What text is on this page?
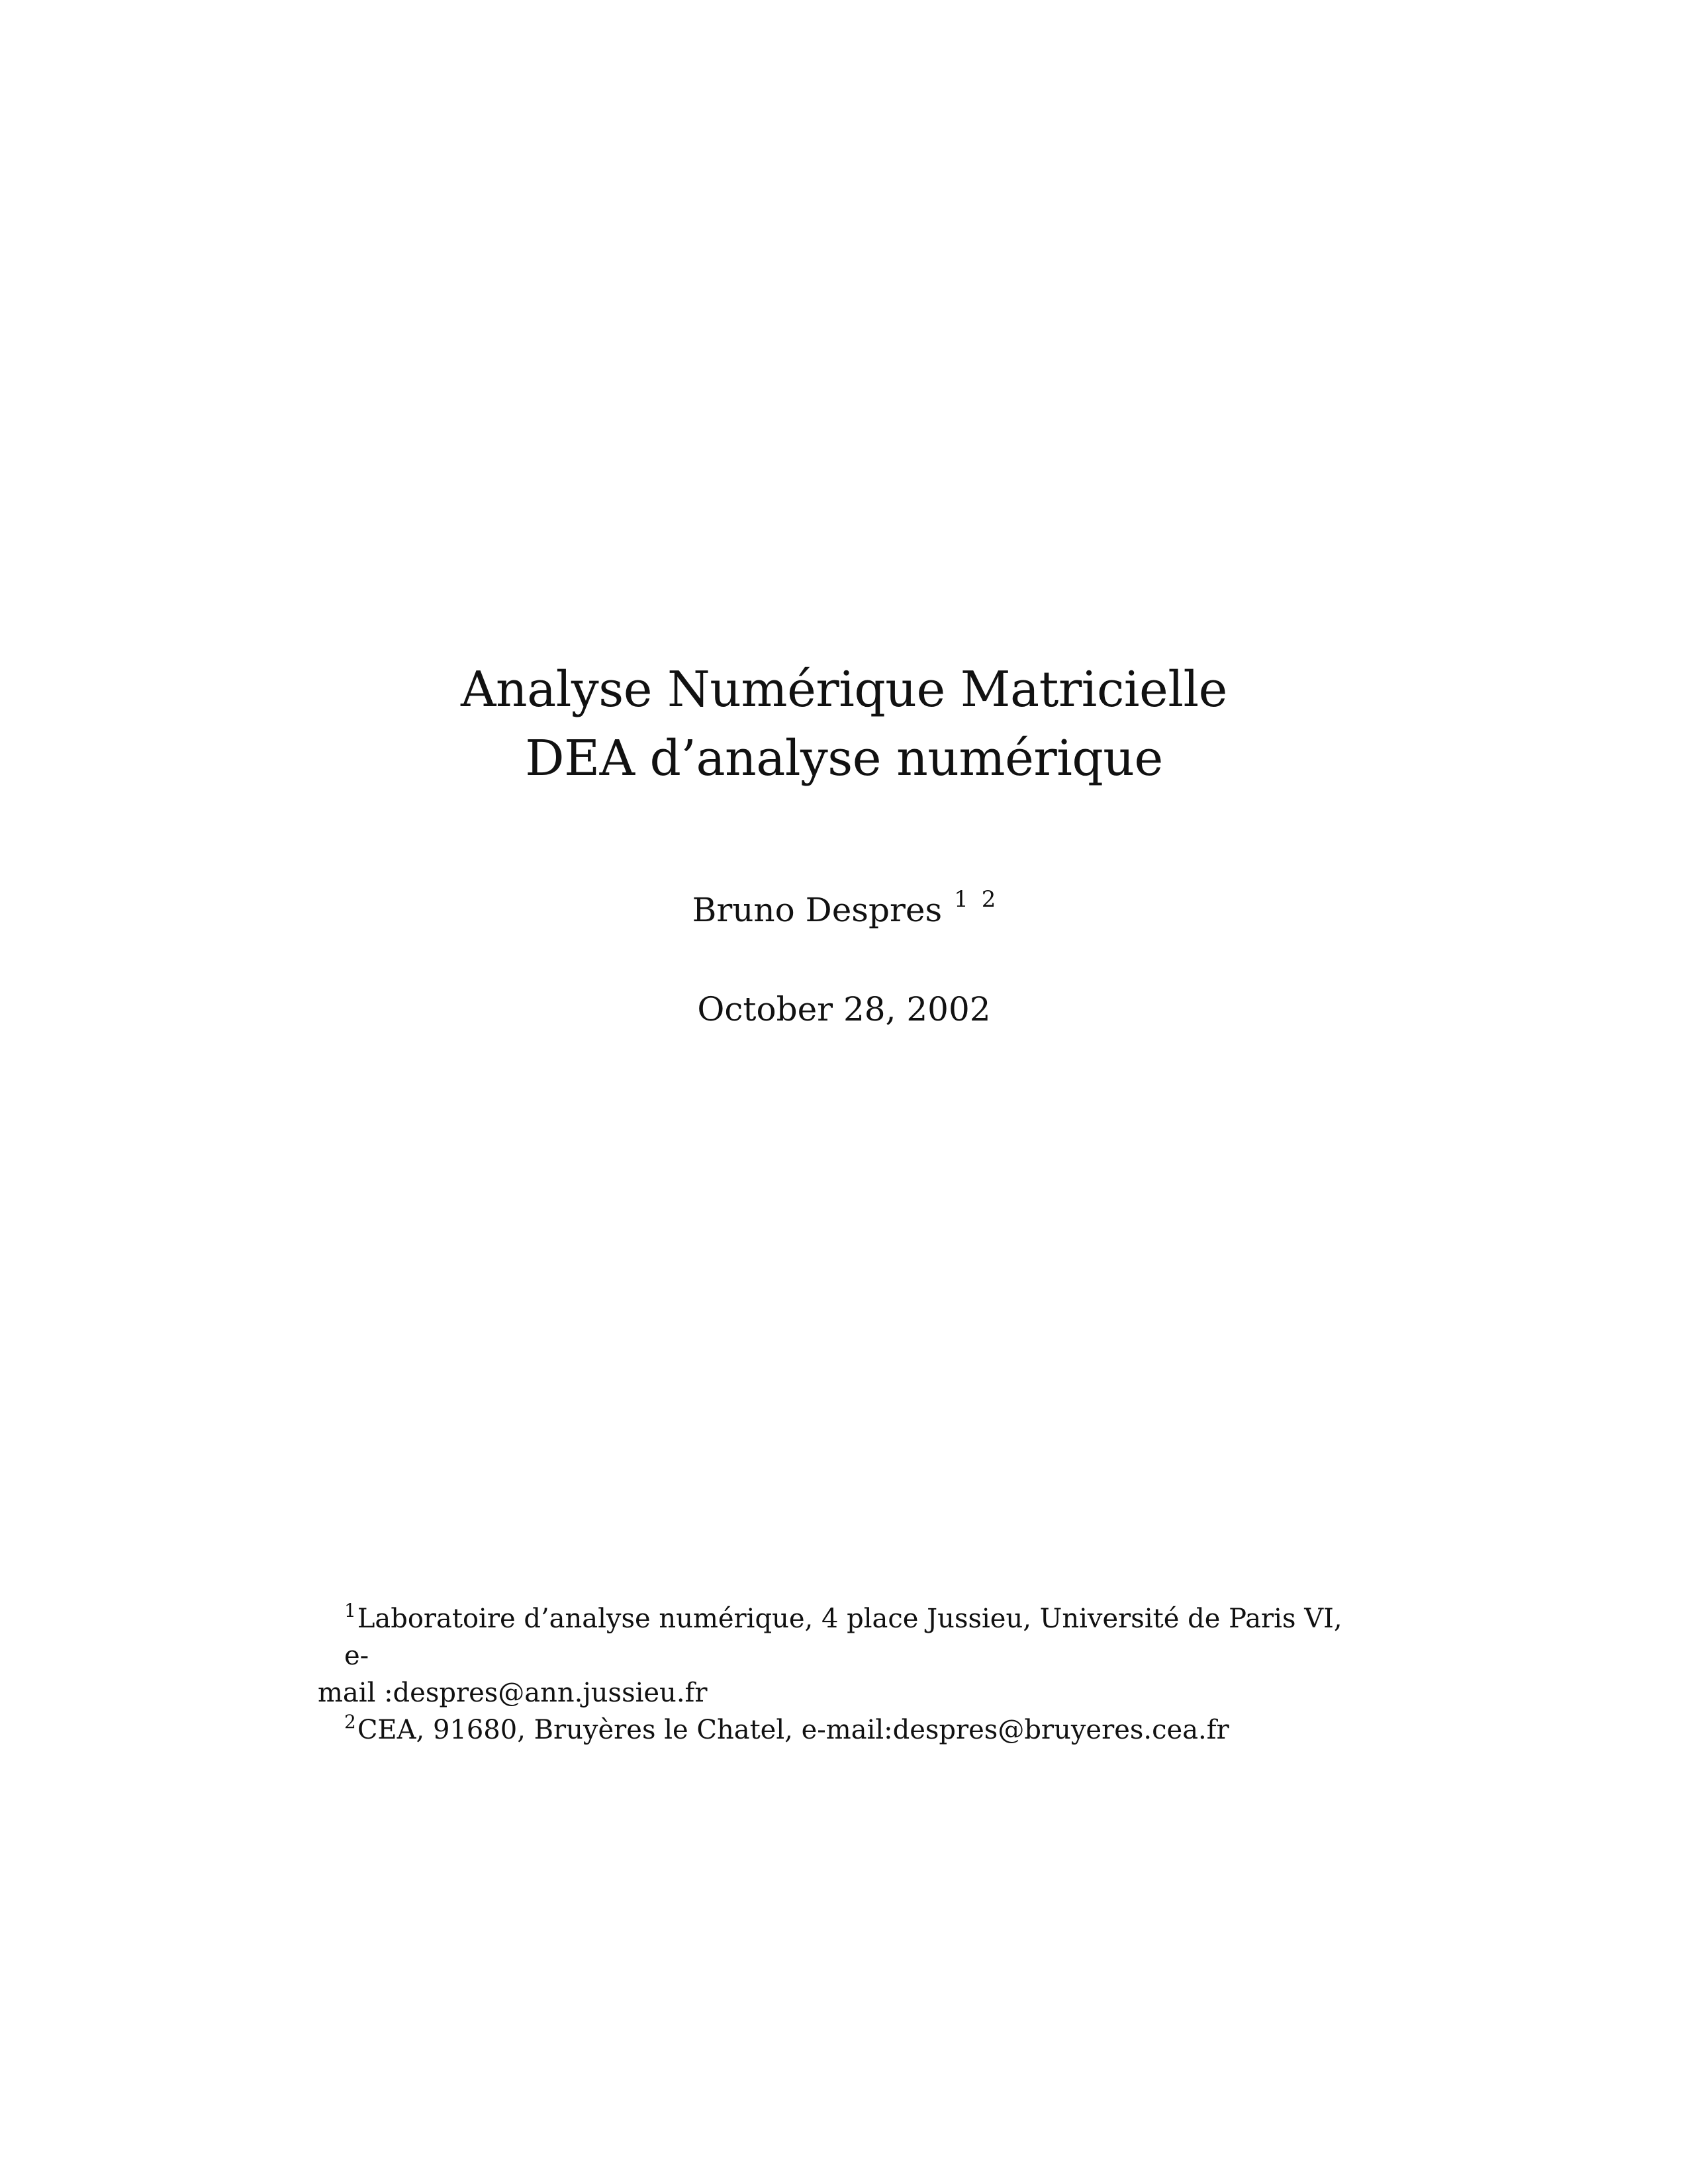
Analyse Numérique Matricielle
DEA d’analyse numérique
Bruno Despres $^1$ $^2$
October 28, 2002
$^1$Laboratoire d’analyse numérique, 4 place Jussieu, Université de Paris VI, e-
mail :despres@ann.jussieu.fr
$^2$CEA, 91680, Bruyères le Chatel, e-mail:despres@bruyeres.cea.fr
